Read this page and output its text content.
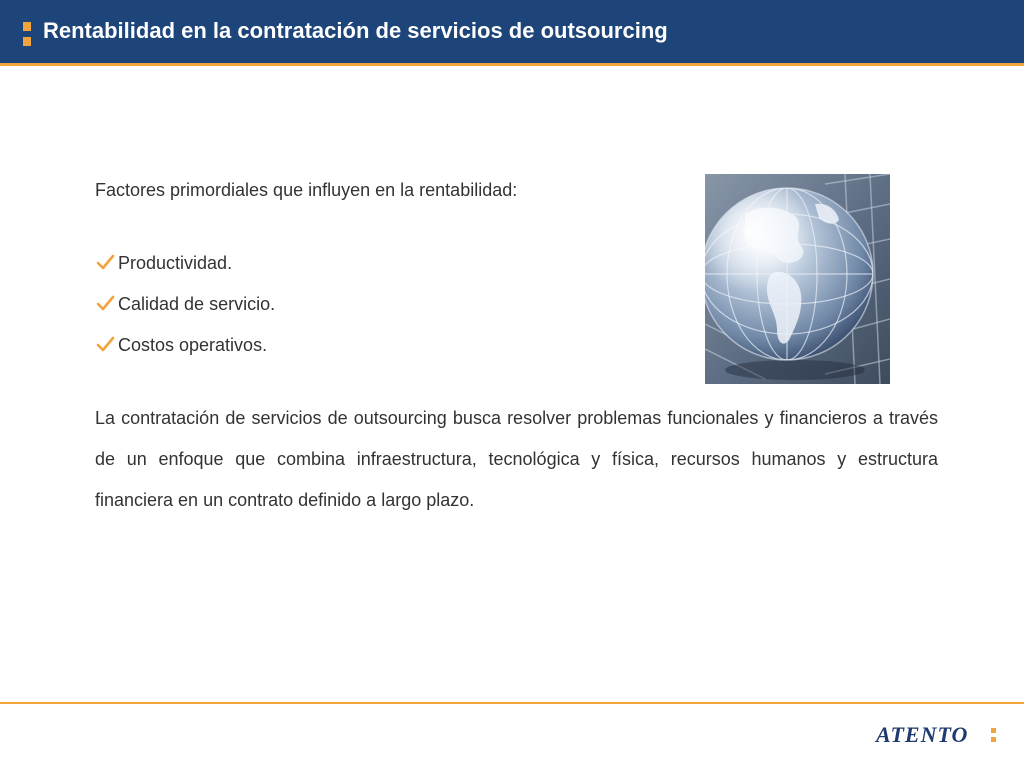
Rentabilidad en la contratación de servicios de outsourcing

Factores primordiales que influyen en la rentabilidad:

Productividad.
Calidad de servicio.
Costos operativos.

La contratación de servicios de outsourcing busca resolver problemas funcionales y financieros a través de un enfoque que combina infraestructura, tecnológica y física, recursos humanos y estructura financiera en un contrato definido a largo plazo.

ATENTO
